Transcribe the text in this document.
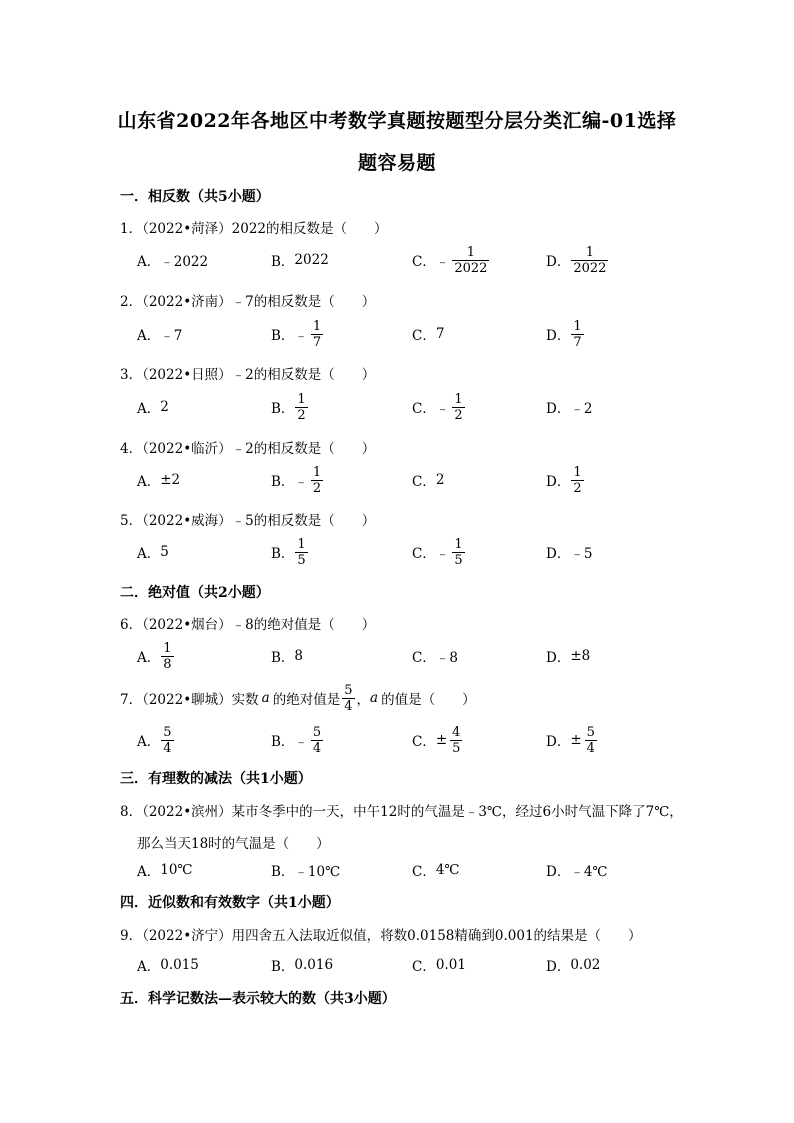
山东省2022年各地区中考数学真题按题型分层分类汇编-01选择
题容易题
一．相反数（共5小题）
1．（2022•菏泽）2022的相反数是（　　）
A． ﹣2022	B． 2022	C． ﹣ $\frac{1}{2022}$	D． $\frac{1}{2022}$
2．（2022•济南）﹣7的相反数是（　　）
A． ﹣7	B． ﹣ $\frac{1}{7}$	C． 7	D． $\frac{1}{7}$
3．（2022•日照）﹣2的相反数是（　　）
A． 2	B． $\frac{1}{2}$	C． ﹣ $\frac{1}{2}$	D． ﹣2
4．（2022•临沂）﹣2的相反数是（　　）
A． ±2	B． ﹣ $\frac{1}{2}$	C． 2	D． $\frac{1}{2}$
5．（2022•威海）﹣5的相反数是（　　）
A． 5	B． $\frac{1}{5}$	C． ﹣ $\frac{1}{5}$	D． ﹣5
二．绝对值（共2小题）
6．（2022•烟台）﹣8的绝对值是（　　）
A． $\frac{1}{8}$	B． 8	C． ﹣8	D． ±8
7．（2022•聊城）实数 a 的绝对值是 $\frac{5}{4}$ ， a 的值是（　　）
A． $\frac{5}{4}$	B． ﹣ $\frac{5}{4}$	C． ± $\frac{4}{5}$	D． ± $\frac{5}{4}$
三．有理数的减法（共1小题）
8．（2022•滨州）某市冬季中的一天，中午12时的气温是﹣3℃，经过6小时气温下降了7℃，
那么当天18时的气温是（　　）
A． 10℃	B． ﹣10℃	C． 4℃	D． ﹣4℃
四．近似数和有效数字（共1小题）
9．（2022•济宁）用四舍五入法取近似值，将数0.0158精确到0.001的结果是（　　）
A． 0.015	B． 0.016	C． 0.01	D． 0.02
五．科学记数法—表示较大的数（共3小题）
